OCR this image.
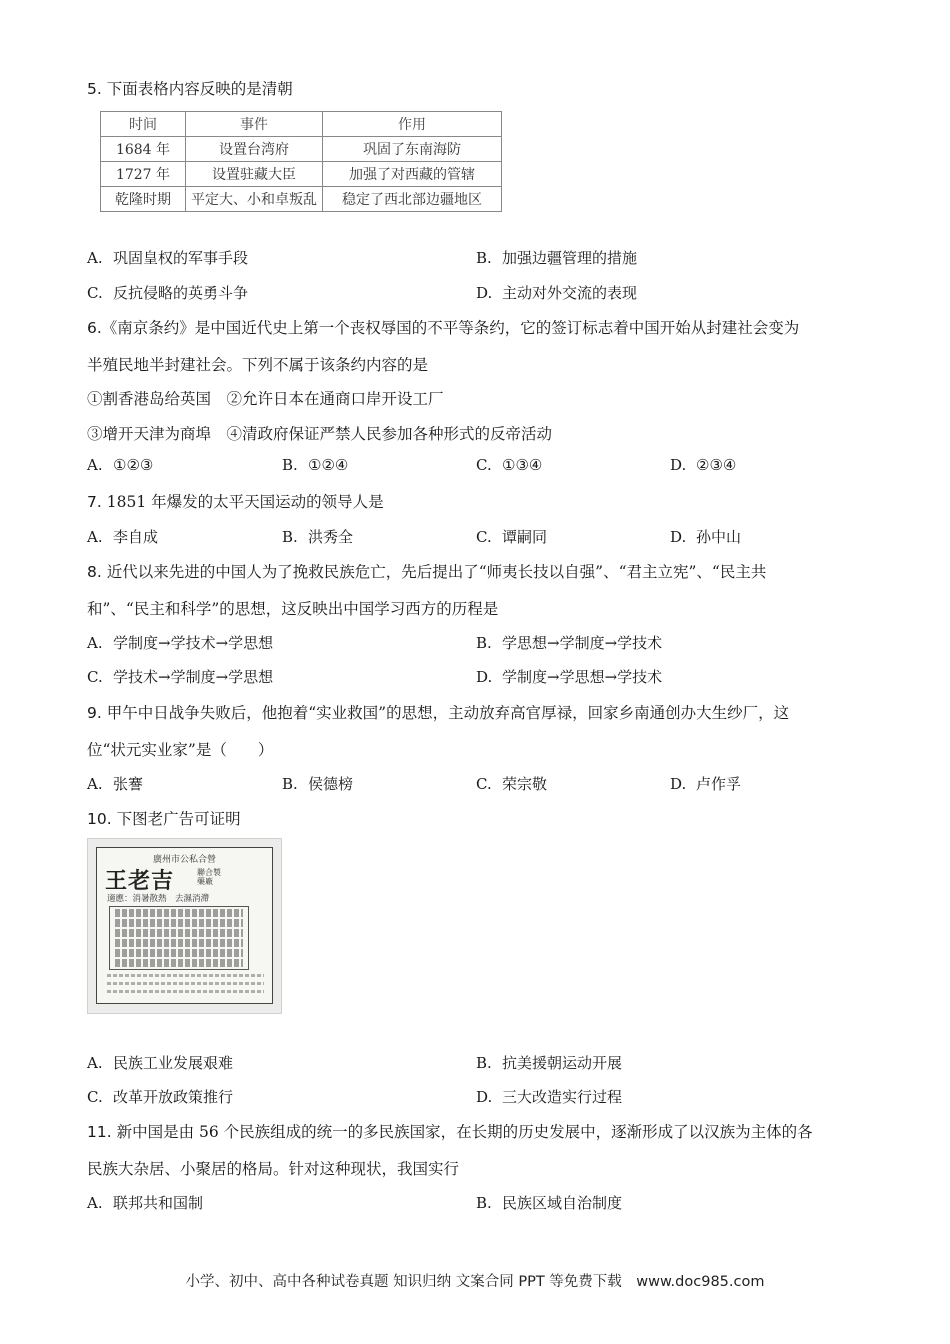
5. 下面表格内容反映的是清朝
时间	事件	作用
1684 年	设置台湾府	巩固了东南海防
1727 年	设置驻藏大臣	加强了对西藏的管辖
乾隆时期	平定大、小和卓叛乱	稳定了西北部边疆地区
A. 巩固皇权的军事手段	B. 加强边疆管理的措施
C. 反抗侵略的英勇斗争	D. 主动对外交流的表现
6.《南京条约》是中国近代史上第一个丧权辱国的不平等条约，它的签订标志着中国开始从封建社会变为
半殖民地半封建社会。下列不属于该条约内容的是
①割香港岛给英国　②允许日本在通商口岸开设工厂
③增开天津为商埠　④清政府保证严禁人民参加各种形式的反帝活动
A. ①②③	B. ①②④	C. ①③④	D. ②③④
7. 1851 年爆发的太平天国运动的领导人是
A. 李自成	B. 洪秀全	C. 谭嗣同	D. 孙中山
8. 近代以来先进的中国人为了挽救民族危亡，先后提出了“师夷长技以自强”、“君主立宪”、“民主共
和”、“民主和科学”的思想，这反映出中国学习西方的历程是
A. 学制度→学技术→学思想	B. 学思想→学制度→学技术
C. 学技术→学制度→学思想	D. 学制度→学思想→学技术
9. 甲午中日战争失败后，他抱着“实业救国”的思想，主动放弃高官厚禄，回家乡南通创办大生纱厂，这
位“状元实业家”是（　　）
A. 张謇	B. 侯德榜	C. 荣宗敬	D. 卢作孚
10. 下图老广告可证明
廣州市公私合營
王老吉	聯合製藥廠
適應：消暑散熱　去濕消滯
A. 民族工业发展艰难	B. 抗美援朝运动开展
C. 改革开放政策推行	D. 三大改造实行过程
11. 新中国是由 56 个民族组成的统一的多民族国家，在长期的历史发展中，逐渐形成了以汉族为主体的各
民族大杂居、小聚居的格局。针对这种现状，我国实行
A. 联邦共和国制	B. 民族区域自治制度
小学、初中、高中各种试卷真题 知识归纳 文案合同 PPT 等免费下载　www.doc985.com
